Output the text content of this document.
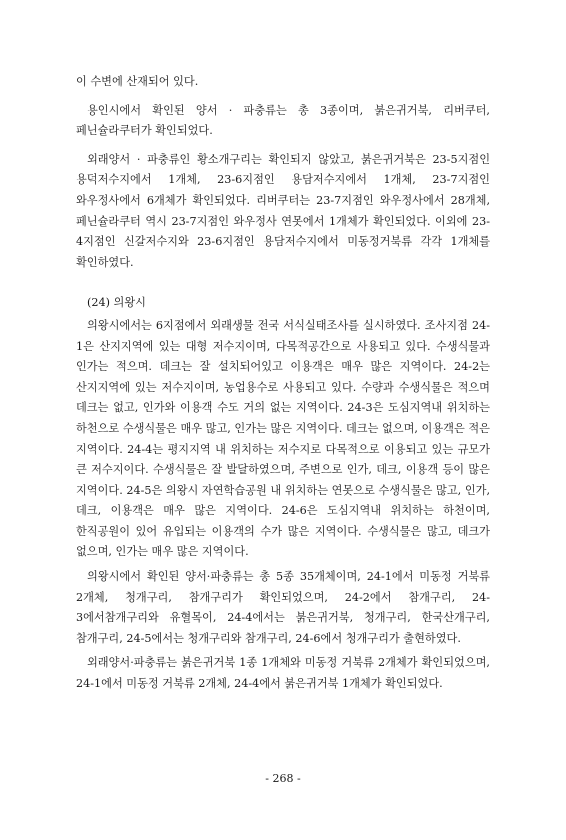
이 수변에 산재되어 있다.

용인시에서 확인된 양서 · 파충류는 총 3종이며, 붉은귀거북, 리버쿠터, 페닌슐라쿠터가 확인되었다.

외래양서 · 파충류인 황소개구리는 확인되지 않았고, 붉은귀거북은 23-5지점인 용덕저수지에서 1개체, 23-6지점인 용담저수지에서 1개체, 23-7지점인 와우정사에서 6개체가 확인되었다. 리버쿠터는 23-7지점인 와우정사에서 28개체, 페닌슐라쿠터 역시 23-7지점인 와우정사 연못에서 1개체가 확인되었다. 이외에 23-4지점인 신갈저수지와 23-6지점인 용담저수지에서 미동정거북류 각각 1개체를 확인하였다.

(24) 의왕시

의왕시에서는 6지점에서 외래생물 전국 서식실태조사를 실시하였다. 조사지점 24-1은 산지지역에 있는 대형 저수지이며, 다목적공간으로 사용되고 있다. 수생식물과 인가는 적으며. 데크는 잘 설치되어있고 이용객은 매우 많은 지역이다. 24-2는 산지지역에 있는 저수지이며, 농업용수로 사용되고 있다. 수량과 수생식물은 적으며 데크는 없고, 인가와 이용객 수도 거의 없는 지역이다. 24-3은 도심지역내 위치하는 하천으로 수생식물은 매우 많고, 인가는 많은 지역이다. 데크는 없으며, 이용객은 적은 지역이다. 24-4는 평지지역 내 위치하는 저수지로 다목적으로 이용되고 있는 규모가 큰 저수지이다. 수생식물은 잘 발달하였으며, 주변으로 인가, 데크, 이용객 등이 많은 지역이다. 24-5은 의왕시 자연학습공원 내 위치하는 연못으로 수생식물은 많고, 인가, 데크, 이용객은 매우 많은 지역이다. 24-6은 도심지역내 위치하는 하천이며, 한직공원이 있어 유입되는 이용객의 수가 많은 지역이다. 수생식물은 많고, 데크가 없으며, 인가는 매우 많은 지역이다.

의왕시에서 확인된 양서·파충류는 총 5종 35개체이며, 24-1에서 미동정 거북류 2개체, 청개구리, 참개구리가 확인되었으며, 24-2에서 참개구리, 24-3에서참개구리와 유혈목이, 24-4에서는 붉은귀거북, 청개구리, 한국산개구리, 참개구리, 24-5에서는 청개구리와 참개구리, 24-6에서 청개구리가 출현하였다.

외래양서·파충류는 붉은귀거북 1종 1개체와 미동정 거북류 2개체가 확인되었으며, 24-1에서 미동정 거북류 2개체, 24-4에서 붉은귀거북 1개체가 확인되었다.

- 268 -
